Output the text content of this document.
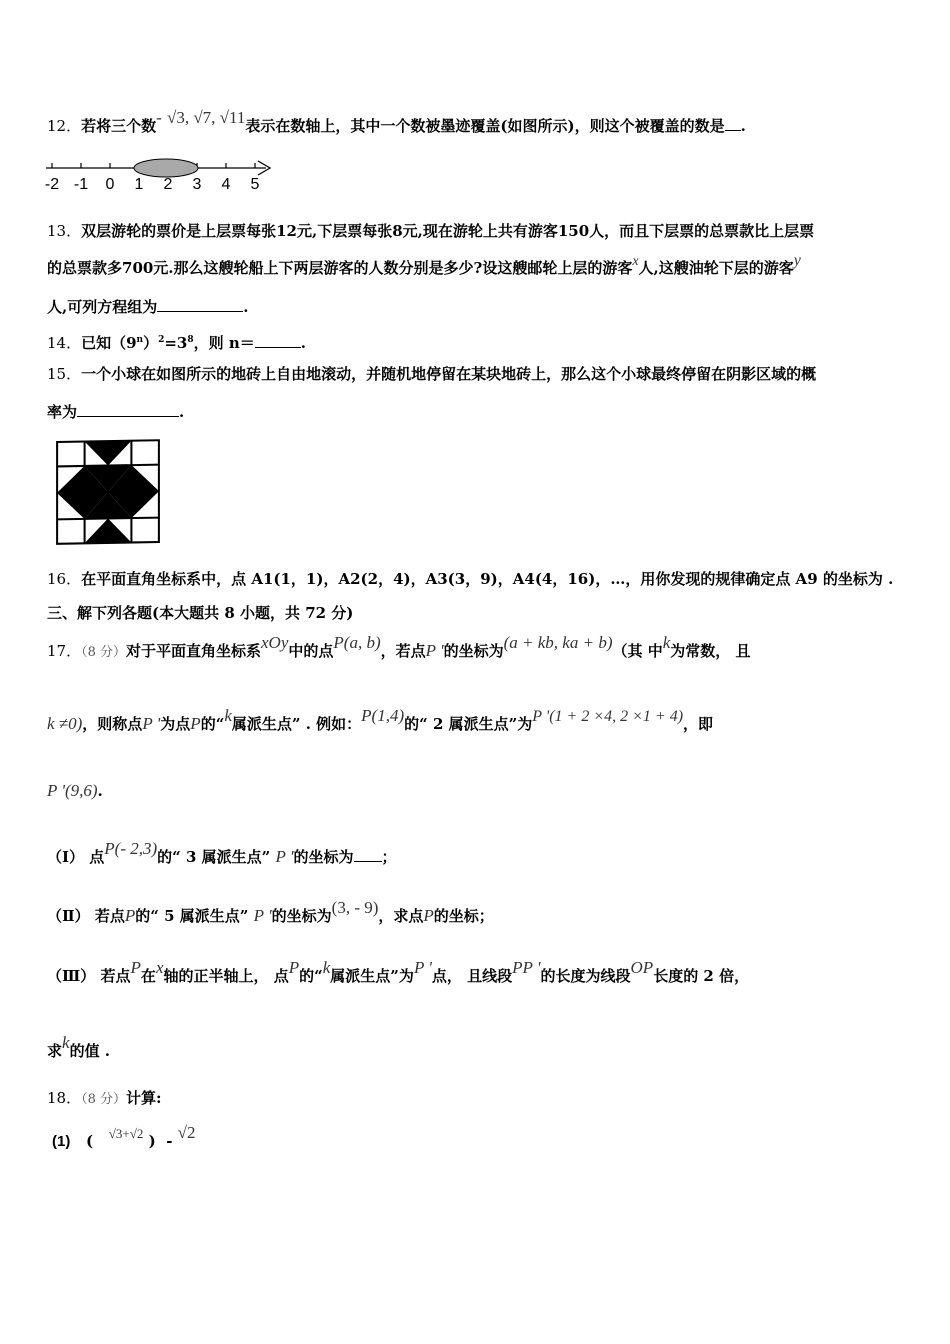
12．若将三个数- √3, √7, √11表示在数轴上，其中一个数被墨迹覆盖(如图所示)，则这个被覆盖的数是 .
-2 -1 0 1 2 3 4 5
13．双层游轮的票价是上层票每张12元,下层票每张8元,现在游轮上共有游客150人，而且下层票的总票款比上层票
的总票款多700元.那么这艘轮船上下两层游客的人数分别是多少?设这艘邮轮上层的游客x人,这艘油轮下层的游客y
人,可列方程组为	.
14．已知$(9^n)^2=3^8$，则 n＝	.
15．一个小球在如图所示的地砖上自由地滚动，并随机地停留在某块地砖上，那么这个小球最终停留在阴影区域的概
率为	.
16．在平面直角坐标系中，点 A1(1，1)，A2(2，4)，A3(3，9)，A4(4，16)，…，用你发现的规律确定点 A9 的坐标为 .
三、解下列各题(本大题共 8 小题，共 72 分)
17．（8 分）对于平面直角坐标系xOy中的点P(a, b)，若点P '的坐标为(a + kb, ka + b)（其 中k为常数， 且
k ≠0)，则称点P '为点P的“k属派生点” . 例如：P(1,4)的“ 2 属派生点”为P '(1 + 2 ×4, 2 ×1 + 4)，即
P '(9,6).
（Ⅰ） 点P(- 2,3)的“ 3 属派生点” P '的坐标为 ；
（Ⅱ） 若点P的“ 5 属派生点” P '的坐标为(3, - 9)，求点P的坐标；
（Ⅲ） 若点P在x轴的正半轴上， 点P的“k属派生点”为P '点， 且线段PP '的长度为线段OP长度的 2 倍，
求k的值 .
18．（8 分）计算:
(1) ( √3+√2 ) - √2
